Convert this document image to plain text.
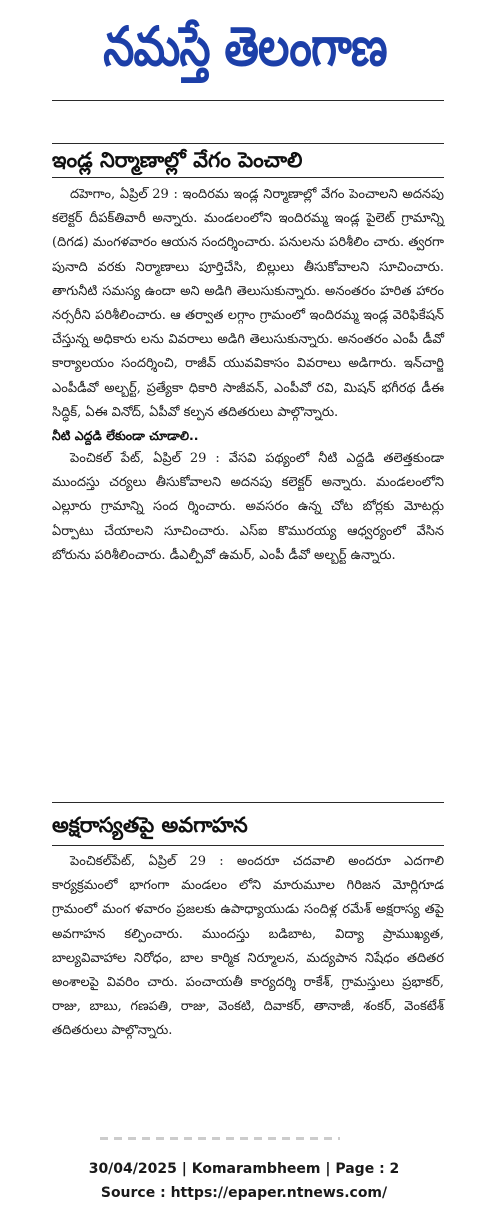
నమస్తే తెలంగాణ
ఇండ్ల నిర్మాణాల్లో వేగం పెంచాలి

దహెగాం, ఏప్రిల్ 29 : ఇందిరమ ఇండ్ల నిర్మాణాల్లో వేగం పెంచాలని అదనపు కలెక్టర్ దీపక్‌తివారీ అన్నారు. మండలంలోని ఇందిరమ్మ ఇండ్ల పైలెట్ గ్రామాన్ని (దిగడ) మంగళవారం ఆయన సందర్శించారు. పనులను పరిశీలిం చారు. త్వరగా పునాది వరకు నిర్మాణాలు పూర్తిచేసి, బిల్లులు తీసుకోవాలని సూచించారు. తాగునీటి సమస్య ఉందా అని అడిగి తెలుసుకున్నారు. అనంతరం హరిత హారం నర్సరీని పరిశీలించారు. ఆ తర్వాత లగ్గాం గ్రామంలో ఇందిరమ్మ ఇండ్ల వెరిఫికేషన్ చేస్తున్న అధికారు లను వివరాలు అడిగి తెలుసుకున్నారు. అనంతరం ఎంపీ డీవో కార్యాలయం సందర్శించి, రాజీవ్ యువవికాసం వివరాలు అడిగారు. ఇన్‌చార్జి ఎంపీడీవో అల్బర్ట్, ప్రత్యేకా ధికారి సాజీవన్, ఎంపీవో రవి, మిషన్ భగీరథ డీఈ సిద్ధిక్, ఏఈ వినోద్, ఏపీవో కల్పన తదితరులు పాల్గొన్నారు.

నీటి ఎద్దడి లేకుండా చూడాలి..

పెంచికల్ పేట్, ఏప్రిల్ 29 : వేసవి పథ్యంలో నీటి ఎద్దడి తలెత్తకుండా ముందస్తు చర్యలు తీసుకోవాలని అదనపు కలెక్టర్ అన్నారు. మండలంలోని ఎల్లూరు గ్రామాన్ని సంద ర్శించారు. అవసరం ఉన్న చోట బోర్లకు మోటర్లు ఏర్పాటు చేయాలని సూచించారు. ఎస్ఐ కొమురయ్య ఆధ్వర్యంలో వేసిన బోరును పరిశీలించారు. డీఎల్పీవో ఉమర్, ఎంపీ డీవో అల్బర్ట్ ఉన్నారు.

అక్షరాస్యతపై అవగాహన

పెంచికల్‌పేట్, ఏప్రిల్ 29 : అందరూ చదవాలి అందరూ ఎదగాలి కార్యక్రమంలో భాగంగా మండలం లోని మారుమూల గిరిజన మోర్లిగూడ గ్రామంలో మంగ ళవారం ప్రజలకు ఉపాధ్యాయుడు సందిళ్ల రమేశ్ అక్షరాస్య తపై అవగాహన కల్పించారు. ముందస్తు బడిబాట, విద్యా ప్రాముఖ్యత, బాల్యవివాహాల నిరోధం, బాల కార్మిక నిర్మూలన, మద్యపాన నిషేధం తదితర అంశాలపై వివరిం చారు. పంచాయతీ కార్యదర్శి రాకేశ్, గ్రామస్తులు ప్రభాకర్, రాజు, బాబు, గణపతి, రాజు, వెంకటి, దివాకర్, తానాజీ, శంకర్, వెంకటేశ్ తదితరులు పాల్గొన్నారు.

30/04/2025 | Komarambheem | Page : 2
Source : https://epaper.ntnews.com/
